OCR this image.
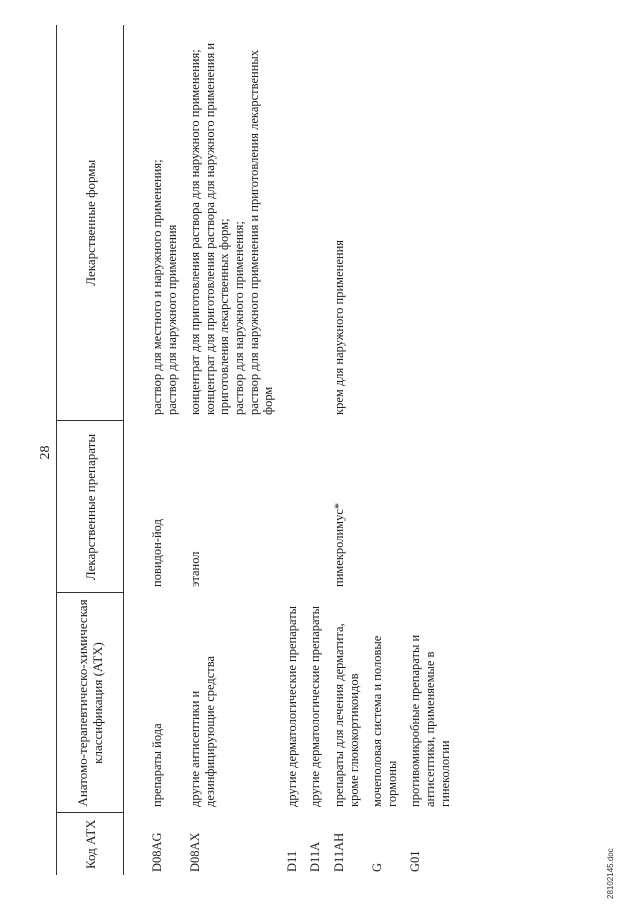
28
Код АТХ	Анатомо-терапевтическо-химическая классификация (АТХ)	Лекарственные препараты	Лекарственные формы
D08AG	препараты йода	повидон-йод	раствор для местного и наружного применения; раствор для наружного применения

D08AX	другие антисептики и дезинфицирующие средства	этанол	концентрат для приготовления раствора для наружного применения; концентрат для приготовления раствора для наружного применения и приготовления лекарственных форм; раствор для наружного применения; раствор для наружного применения и приготовления лекарственных форм

D11	другие дерматологические препараты		
D11A	другие дерматологические препараты		
D11AH	препараты для лечения дерматита, кроме глюкокортикоидов	пимекролимус*	крем для наружного применения

G	мочеполовая система и половые гормоны		
G01	противомикробные препараты и антисептики, применяемые в гинекологии		
28102145.doc
